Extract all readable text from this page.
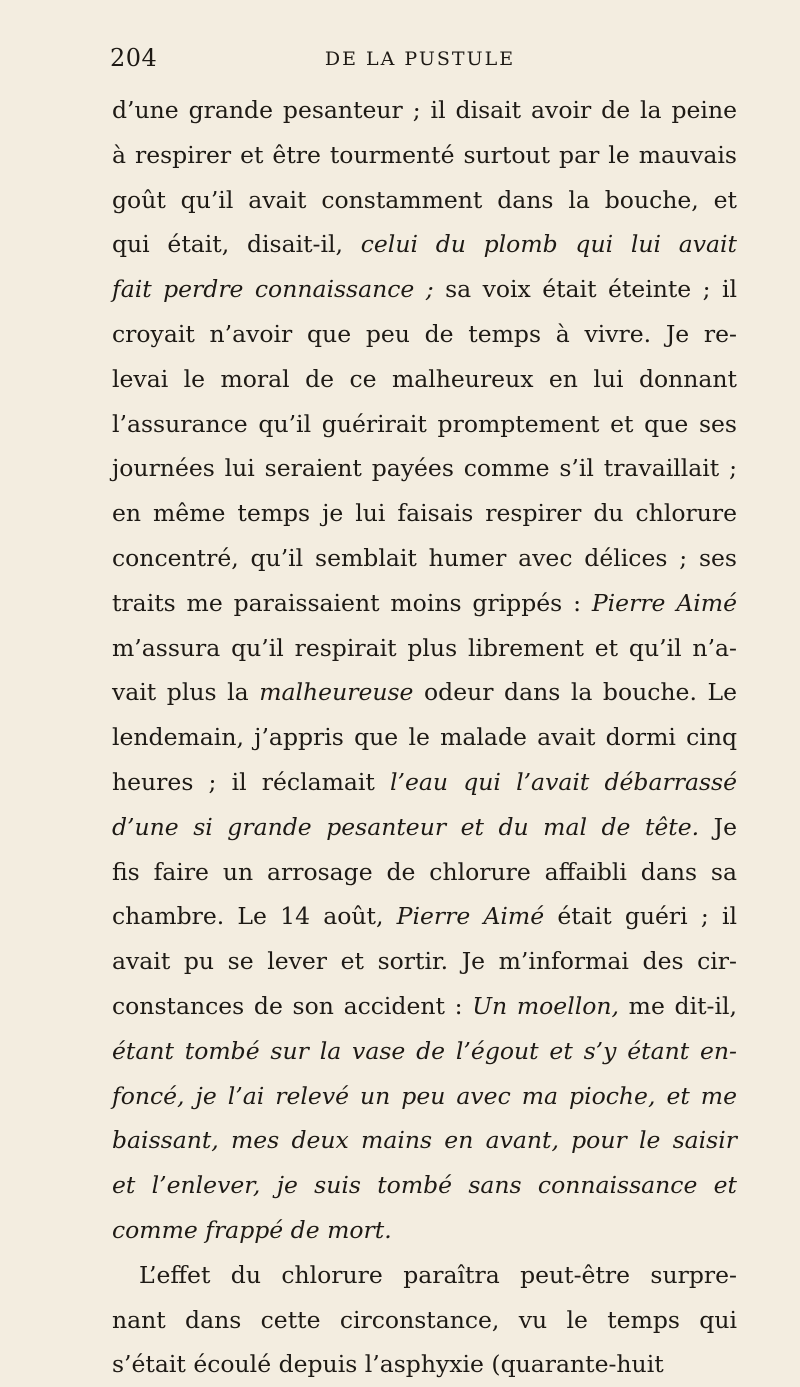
204	DE LA PUSTULE
d’une grande pesanteur ; il disait avoir de la peine
à respirer et être tourmenté surtout par le mauvais
goût qu’il avait constamment dans la bouche, et
qui était, disait-il, celui du plomb qui lui avait
fait perdre connaissance ; sa voix était éteinte ; il
croyait n’avoir que peu de temps à vivre. Je re-
levai le moral de ce malheureux en lui donnant
l’assurance qu’il guérirait promptement et que ses
journées lui seraient payées comme s’il travaillait ;
en même temps je lui faisais respirer du chlorure
concentré, qu’il semblait humer avec délices ; ses
traits me paraissaient moins grippés : Pierre Aimé
m’assura qu’il respirait plus librement et qu’il n’a-
vait plus la malheureuse odeur dans la bouche. Le
lendemain, j’appris que le malade avait dormi cinq
heures ; il réclamait l’eau qui l’avait débarrassé
d’une si grande pesanteur et du mal de tête. Je
fis faire un arrosage de chlorure affaibli dans sa
chambre. Le 14 août, Pierre Aimé était guéri ; il
avait pu se lever et sortir. Je m’informai des cir-
constances de son accident : Un moellon, me dit-il,
étant tombé sur la vase de l’égout et s’y étant en-
foncé, je l’ai relevé un peu avec ma pioche, et me
baissant, mes deux mains en avant, pour le saisir
et l’enlever, je suis tombé sans connaissance et
comme frappé de mort.
L’effet du chlorure paraîtra peut-être surpre-
nant dans cette circonstance, vu le temps qui
s’était écoulé depuis l’asphyxie (quarante-huit
